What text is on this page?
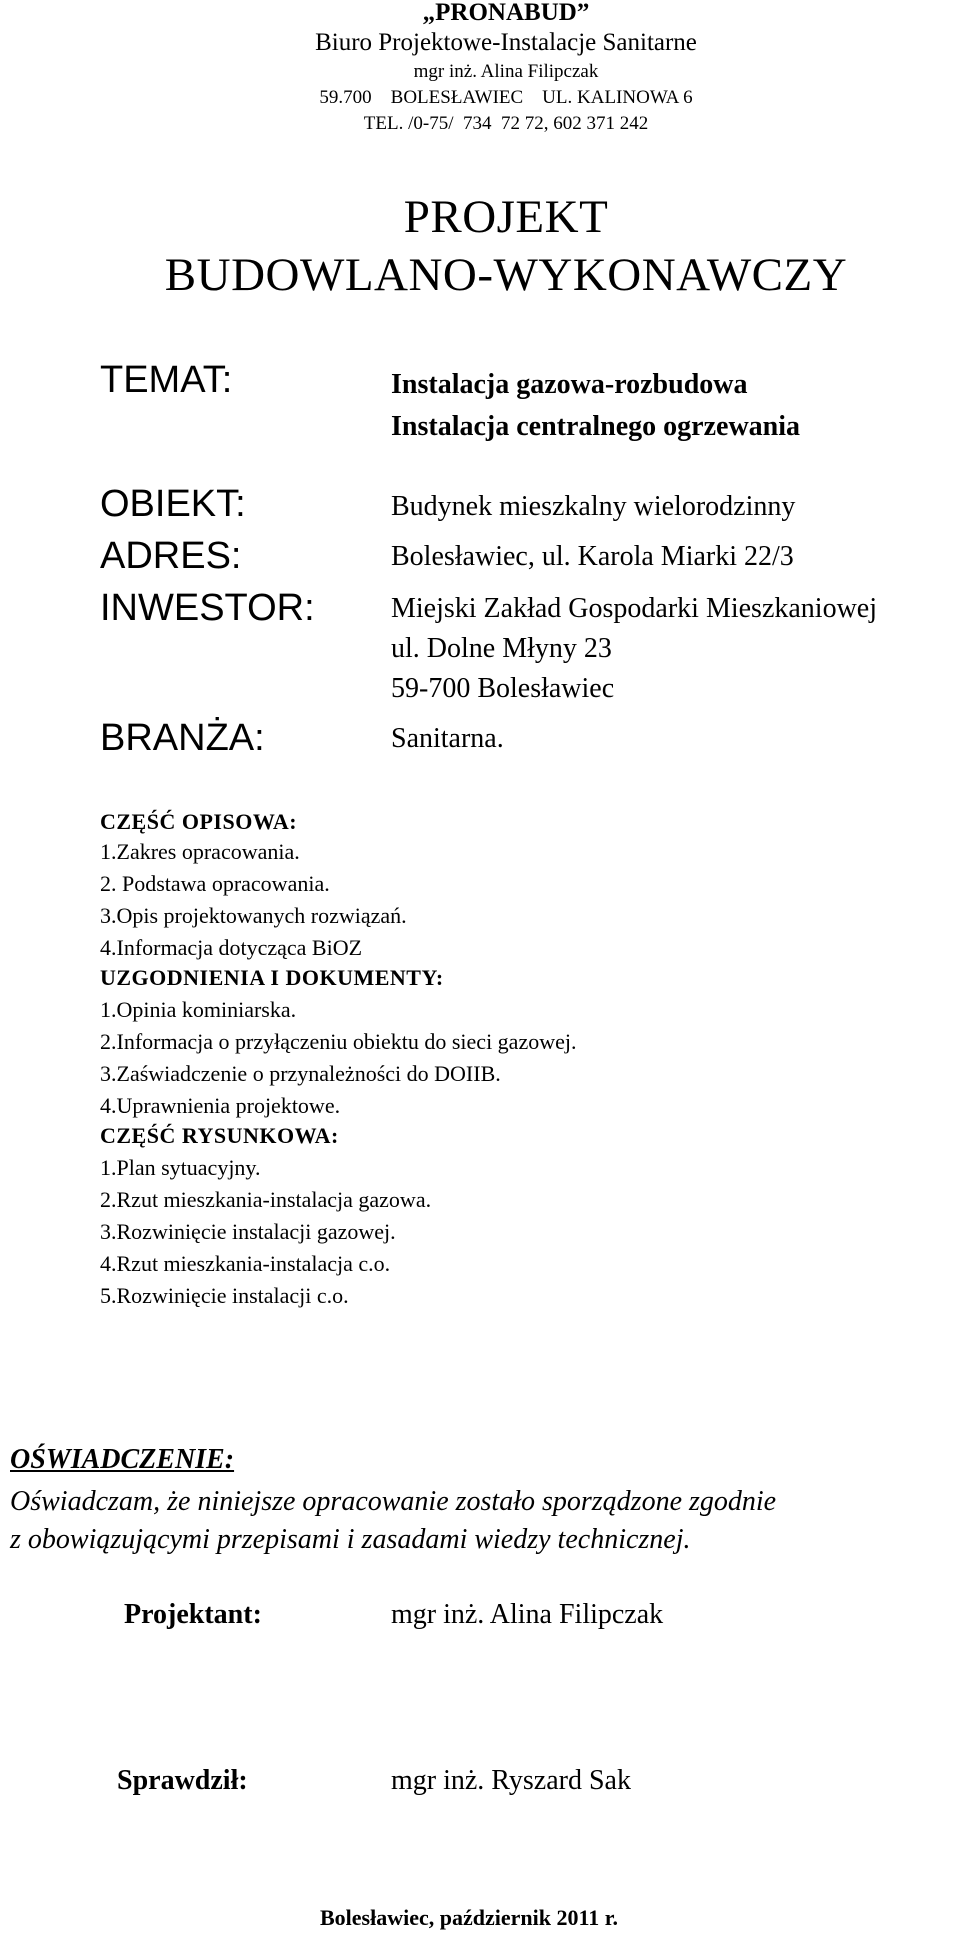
„PRONABUD”
Biuro Projektowe-Instalacje Sanitarne
mgr inż. Alina Filipczak
59.700    BOLESŁAWIEC    UL. KALINOWA 6
TEL. /0-75/  734  72 72, 602 371 242
PROJEKT
BUDOWLANO-WYKONAWCZY
TEMAT:	Instalacja gazowa-rozbudowa
Instalacja centralnego ogrzewania
OBIEKT:	Budynek mieszkalny wielorodzinny
ADRES:	Bolesławiec, ul. Karola Miarki 22/3
INWESTOR:	Miejski Zakład Gospodarki Mieszkaniowej
ul. Dolne Młyny 23
59-700 Bolesławiec
BRANŻA:	Sanitarna.
CZĘŚĆ OPISOWA:
1.Zakres opracowania.
2. Podstawa opracowania.
3.Opis projektowanych rozwiązań.
4.Informacja dotycząca BiOZ
UZGODNIENIA I DOKUMENTY:
1.Opinia kominiarska.
2.Informacja o przyłączeniu obiektu do sieci gazowej.
3.Zaświadczenie o przynależności do DOIIB.
4.Uprawnienia projektowe.
CZĘŚĆ RYSUNKOWA:
1.Plan sytuacyjny.
2.Rzut mieszkania-instalacja gazowa.
3.Rozwinięcie instalacji gazowej.
4.Rzut mieszkania-instalacja c.o.
5.Rozwinięcie instalacji c.o.
OŚWIADCZENIE:
Oświadczam, że niniejsze opracowanie zostało sporządzone zgodnie
z obowiązującymi przepisami i zasadami wiedzy technicznej.
Projektant:	mgr inż. Alina Filipczak
Sprawdził:	mgr inż. Ryszard Sak
Bolesławiec, październik 2011 r.
